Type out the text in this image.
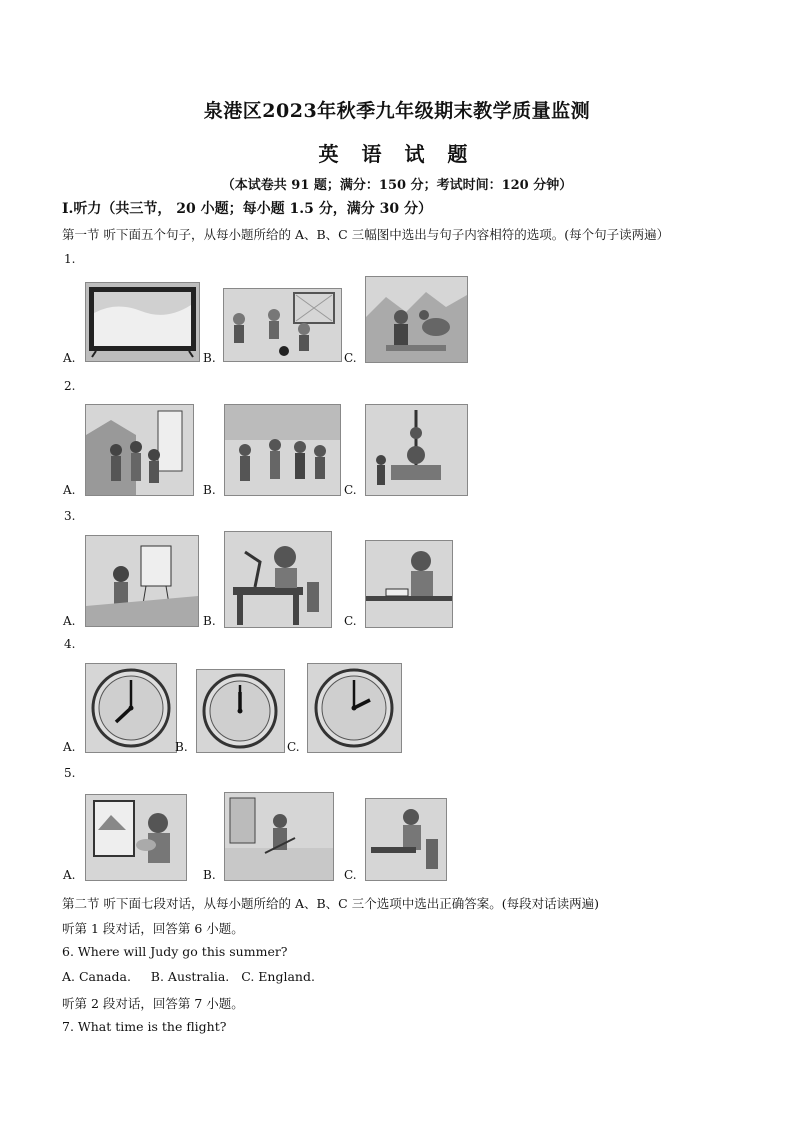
泉港区2023年秋季九年级期末教学质量监测
英 语 试 题
（本试卷共 91 题；满分：150 分；考试时间：120 分钟）
Ⅰ.听力（共三节， 20 小题；每小题 1.5 分，满分 30 分）
第一节 听下面五个句子，从每小题所给的 A、B、C 三幅图中选出与句子内容相符的选项。(每个句子读两遍）
1.
A.	B.	C.
2.
A.	B.	C.
3.
A.	B.	C.
4.
A.	B.	C.
5.
A.	B.	C.
第二节 听下面七段对话，从每小题所给的 A、B、C 三个选项中选出正确答案。(每段对话读两遍)
听第 1 段对话，回答第 6 小题。
6. Where will Judy go this summer?
A. Canada.     B. Australia.   C. England.
听第 2 段对话，回答第 7 小题。
7. What time is the flight?
